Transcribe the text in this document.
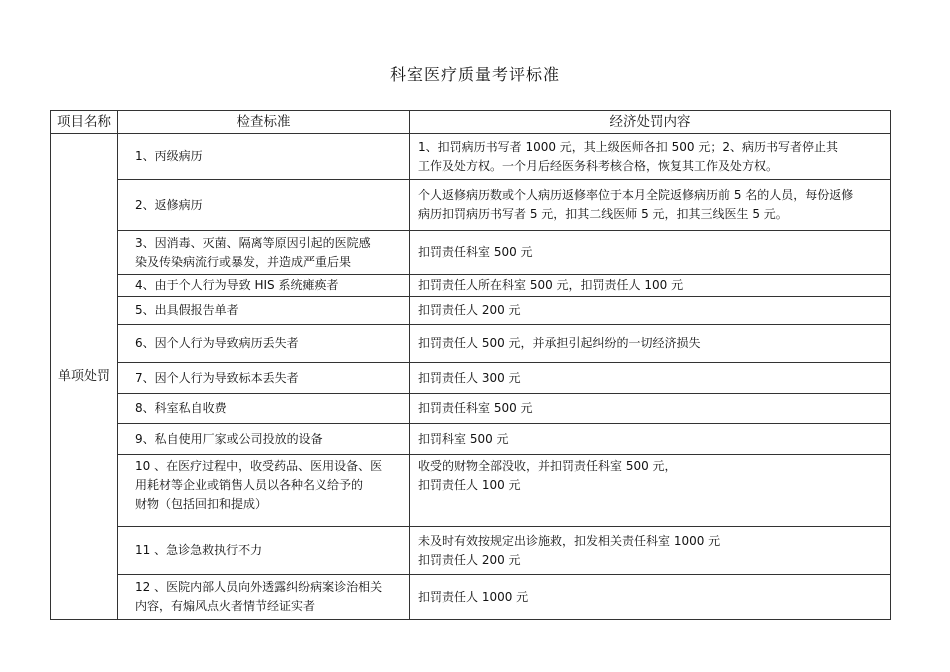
科室医疗质量考评标准
项目名称	检查标准	经济处罚内容
单项处罚	1、丙级病历	1、扣罚病历书写者 1000 元，其上级医师各扣 500 元；2、病历书写者停止其
工作及处方权。一个月后经医务科考核合格，恢复其工作及处方权。

	2、返修病历	个人返修病历数或个人病历返修率位于本月全院返修病历前 5 名的人员，每份返修
病历扣罚病历书写者 5 元，扣其二线医师 5 元，扣其三线医生 5 元。

	3、因消毒、灭菌、隔离等原因引起的医院感
染及传染病流行或暴发，并造成严重后果	扣罚责任科室 500 元

	4、由于个人行为导致 HIS 系统瘫痪者	扣罚责任人所在科室 500 元，扣罚责任人 100 元

	5、出具假报告单者	扣罚责任人 200 元

	6、因个人行为导致病历丢失者	扣罚责任人 500 元，并承担引起纠纷的一切经济损失

	7、因个人行为导致标本丢失者	扣罚责任人 300 元

	8、科室私自收费	扣罚责任科室 500 元

	9、私自使用厂家或公司投放的设备	扣罚科室 500 元

	10 、在医疗过程中，收受药品、医用设备、医
用耗材等企业或销售人员以各种名义给予的
财物（包括回扣和提成）	收受的财物全部没收，并扣罚责任科室 500 元，
扣罚责任人 100 元

	11 、急诊急救执行不力	未及时有效按规定出诊施救，扣发相关责任科室 1000 元
扣罚责任人 200 元

	12 、医院内部人员向外透露纠纷病案诊治相关
内容，有煽风点火者情节经证实者	扣罚责任人 1000 元
